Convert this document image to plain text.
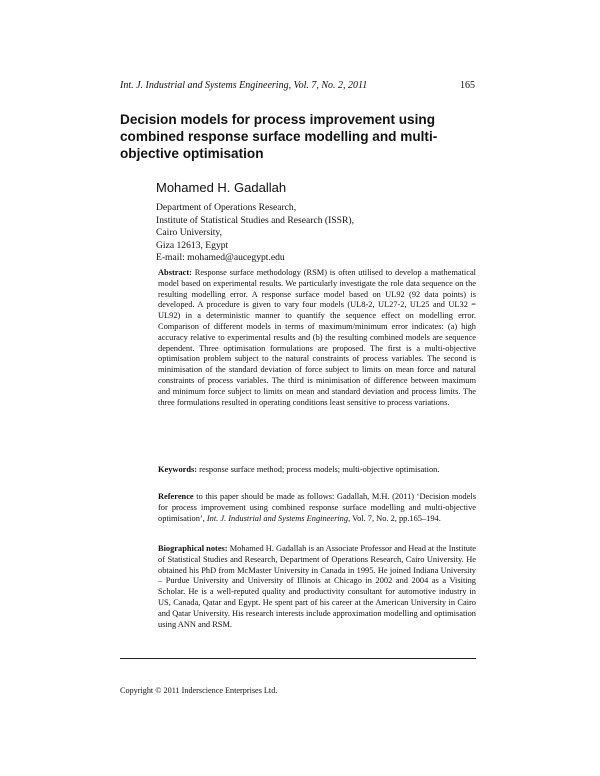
Int. J. Industrial and Systems Engineering, Vol. 7, No. 2, 2011	165
Decision models for process improvement using combined response surface modelling and multi-objective optimisation

Mohamed H. Gadallah

Department of Operations Research,
Institute of Statistical Studies and Research (ISSR),
Cairo University,
Giza 12613, Egypt
E-mail: mohamed@aucegypt.edu

Abstract: Response surface methodology (RSM) is often utilised to develop a mathematical model based on experimental results. We particularly investigate the role data sequence on the resulting modelling error. A response surface model based on UL92 (92 data points) is developed. A procedure is given to vary four models (UL8-2, UL27-2, UL25 and UL32 = UL92) in a deterministic manner to quantify the sequence effect on modelling error. Comparison of different models in terms of maximum/minimum error indicates: (a) high accuracy relative to experimental results and (b) the resulting combined models are sequence dependent. Three optimisation formulations are proposed. The first is a multi-objective optimisation problem subject to the natural constraints of process variables. The second is minimisation of the standard deviation of force subject to limits on mean force and natural constraints of process variables. The third is minimisation of difference between maximum and minimum force subject to limits on mean and standard deviation and process limits. The three formulations resulted in operating conditions least sensitive to process variations.

Keywords: response surface method; process models; multi-objective optimisation.

Reference to this paper should be made as follows: Gadallah, M.H. (2011) ‘Decision models for process improvement using combined response surface modelling and multi-objective optimisation’, Int. J. Industrial and Systems Engineering, Vol. 7, No. 2, pp.165–194.

Biographical notes: Mohamed H. Gadallah is an Associate Professor and Head at the Institute of Statistical Studies and Research, Department of Operations Research, Cairo University. He obtained his PhD from McMaster University in Canada in 1995. He joined Indiana University – Purdue University and University of Illinois at Chicago in 2002 and 2004 as a Visiting Scholar. He is a well-reputed quality and productivity consultant for automotive industry in US, Canada, Qatar and Egypt. He spent part of his career at the American University in Cairo and Qatar University. His research interests include approximation modelling and optimisation using ANN and RSM.

Copyright © 2011 Inderscience Enterprises Ltd.
